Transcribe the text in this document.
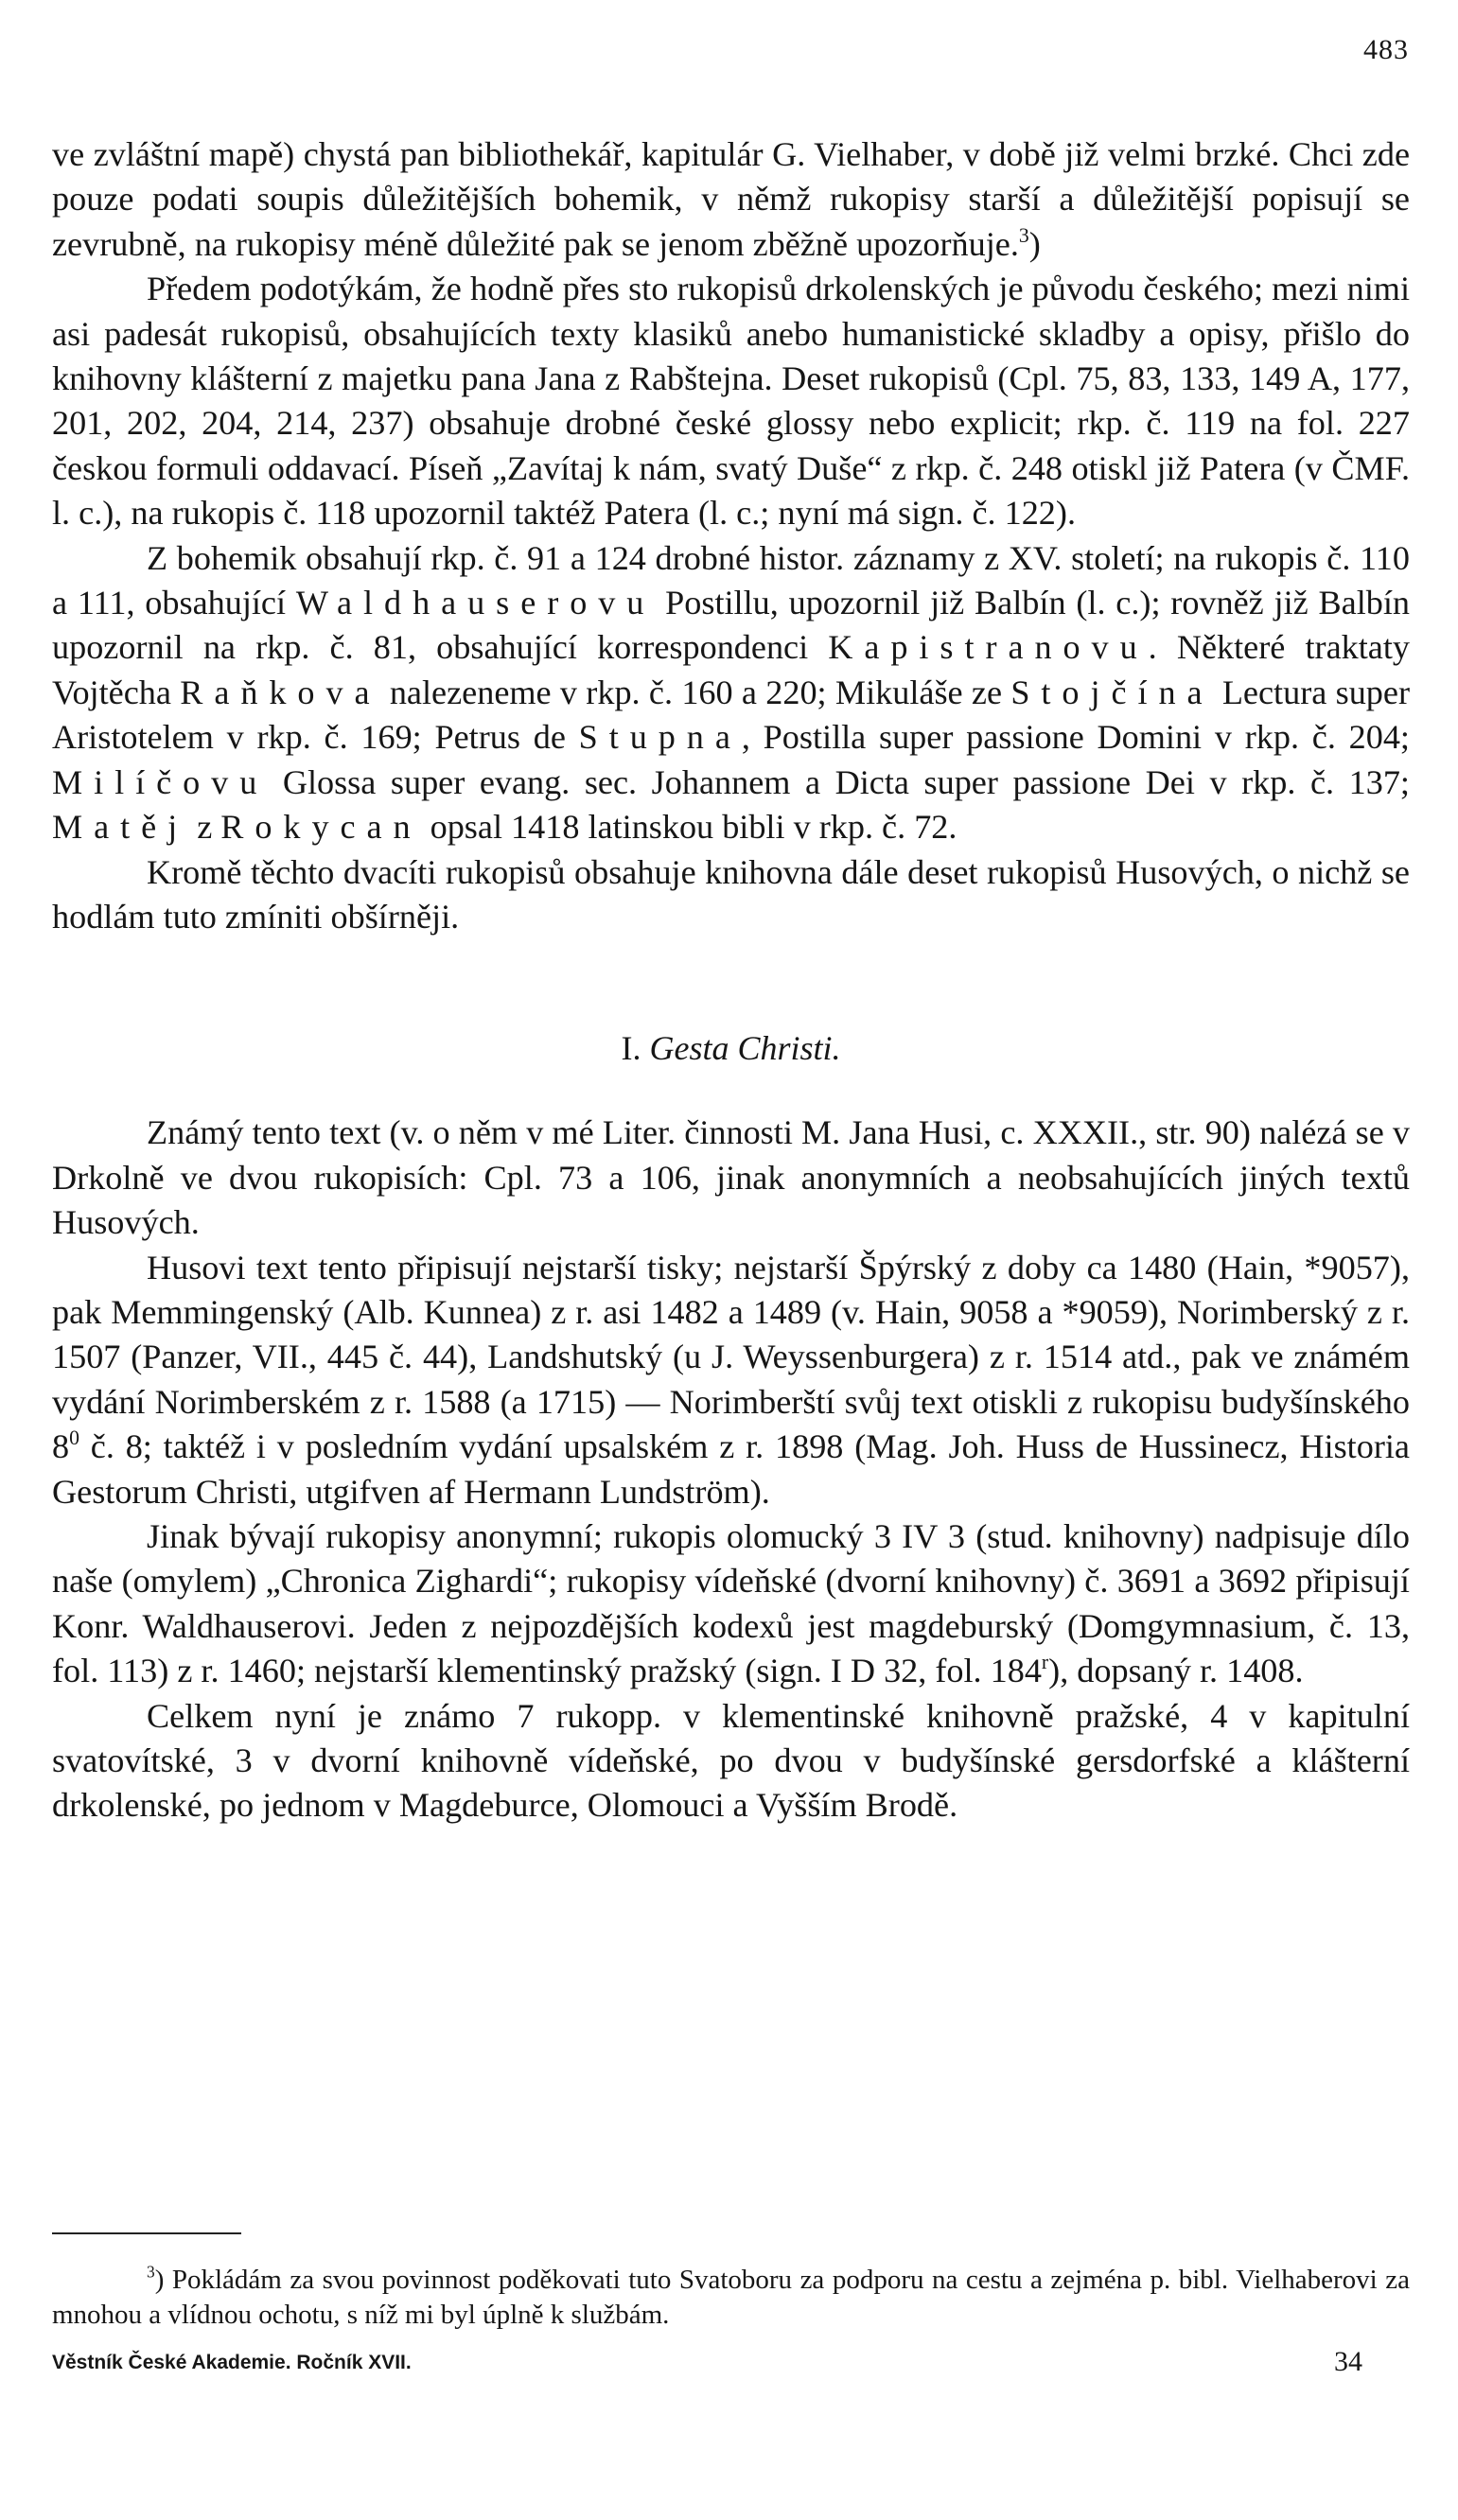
483

ve zvláštní mapě) chystá pan bibliothekář, kapitulár G. Vielhaber, v době již velmi brzké. Chci zde pouze podati soupis důležitějších bohemik, v němž rukopisy starší a důležitější popisují se zevrubně, na rukopisy méně důležité pak se jenom zběžně upozorňuje.$^3$)

Předem podotýkám, že hodně přes sto rukopisů drkolenských je původu českého; mezi nimi asi padesát rukopisů, obsahujících texty klasiků anebo humanistické skladby a opisy, přišlo do knihovny klášterní z majetku pana Jana z Rabštejna. Deset rukopisů (Cpl. 75, 83, 133, 149 A, 177, 201, 202, 204, 214, 237) obsahuje drobné české glossy nebo explicit; rkp. č. 119 na fol. 227 českou formuli oddavací. Píseň „Zavítaj k nám, svatý Duše“ z rkp. č. 248 otiskl již Patera (v ČMF. l. c.), na rukopis č. 118 upozornil taktéž Patera (l. c.; nyní má sign. č. 122).

Z bohemik obsahují rkp. č. 91 a 124 drobné histor. záznamy z XV. století; na rukopis č. 110 a 111, obsahující Waldhauserovu Postillu, upozornil již Balbín (l. c.); rovněž již Balbín upozornil na rkp. č. 81, obsahující korrespondenci Kapistranovu. Některé traktaty Vojtěcha Raňkova nalezeneme v rkp. č. 160 a 220; Mikuláše ze Stojčína Lectura super Aristotelem v rkp. č. 169; Petrus de Stupna, Postilla super passione Domini v rkp. č. 204; Milíčovu Glossa super evang. sec. Johannem a Dicta super passione Dei v rkp. č. 137; Matěj z Rokycan opsal 1418 latinskou bibli v rkp. č. 72.

Kromě těchto dvacíti rukopisů obsahuje knihovna dále deset rukopisů Husových, o nichž se hodlám tuto zmíniti obšírněji.

I. Gesta Christi.

Známý tento text (v. o něm v mé Liter. činnosti M. Jana Husi, c. XXXII., str. 90) nalézá se v Drkolně ve dvou rukopisích: Cpl. 73 a 106, jinak anonymních a neobsahujících jiných textů Husových.

Husovi text tento připisují nejstarší tisky; nejstarší Špýrský z doby ca 1480 (Hain, *9057), pak Memmingenský (Alb. Kunnea) z r. asi 1482 a 1489 (v. Hain, 9058 a *9059), Norimberský z r. 1507 (Panzer, VII., 445 č. 44), Landshutský (u J. Weyssenburgera) z r. 1514 atd., pak ve známém vydání Norimberském z r. 1588 (a 1715) — Norimberští svůj text otiskli z rukopisu budyšínského $8^0$ č. 8; taktéž i v posledním vydání upsalském z r. 1898 (Mag. Joh. Huss de Hussinecz, Historia Gestorum Christi, utgifven af Hermann Lundström).

Jinak bývají rukopisy anonymní; rukopis olomucký 3 IV 3 (stud. knihovny) nadpisuje dílo naše (omylem) „Chronica Zighardi“; rukopisy vídeňské (dvorní knihovny) č. 3691 a 3692 připisují Konr. Waldhauserovi. Jeden z nejpozdějších kodexů jest magdeburský (Domgymnasium, č. 13, fol. 113) z r. 1460; nejstarší klementinský pražský (sign. I D 32, fol. 184$^r$), dopsaný r. 1408.

Celkem nyní je známo 7 rukopp. v klementinské knihovně pražské, 4 v kapitulní svatovítské, 3 v dvorní knihovně vídeňské, po dvou v budyšínské gersdorfské a klášterní drkolenské, po jednom v Magdeburce, Olomouci a Vyšším Brodě.

$^3$) Pokládám za svou povinnost poděkovati tuto Svatoboru za podporu na cestu a zejména p. bibl. Vielhaberovi za mnohou a vlídnou ochotu, s níž mi byl úplně k službám.
Věstník České Akademie. Ročník XVII.	34
